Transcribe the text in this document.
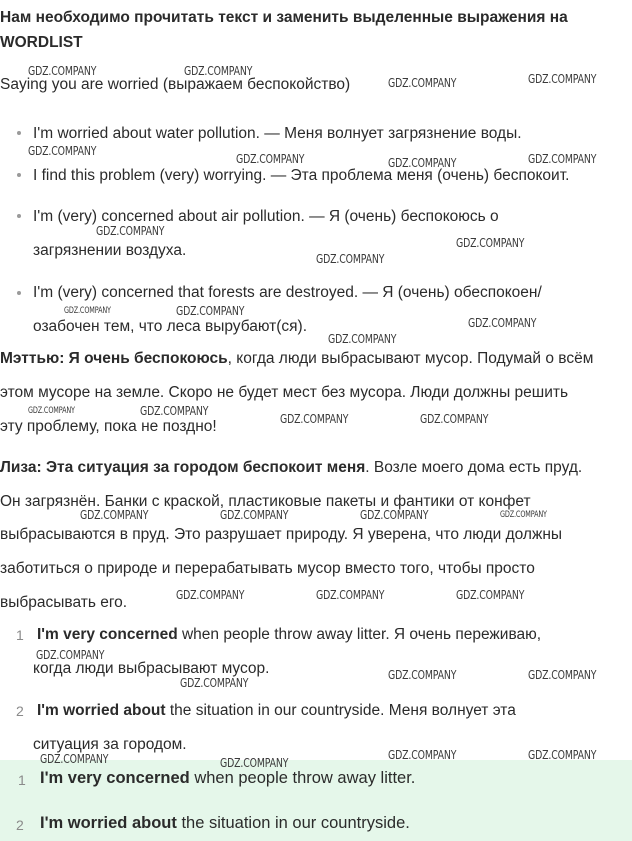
Нам необходимо прочитать текст и заменить выделенные выражения на
WORDLIST
Saying you are worried (выражаем беспокойство)
I'm worried about water pollution. — Меня волнует загрязнение воды.
I find this problem (very) worrying. — Эта проблема меня (очень) беспокоит.
I'm (very) concerned about air pollution. — Я (очень) беспокоюсь о
загрязнении воздуха.
I'm (very) concerned that forests are destroyed. — Я (очень) обеспокоен/
озабочен тем, что леса вырубают(ся).
Мэттью: Я очень беспокоюсь, когда люди выбрасывают мусор. Подумай о всём
этом мусоре на земле. Скоро не будет мест без мусора. Люди должны решить
эту проблему, пока не поздно!
Лиза: Эта ситуация за городом беспокоит меня. Возле моего дома есть пруд.
Он загрязнён. Банки с краской, пластиковые пакеты и фантики от конфет
выбрасываются в пруд. Это разрушает природу. Я уверена, что люди должны
заботиться о природе и перерабатывать мусор вместо того, чтобы просто
выбрасывать его.
1 I'm very concerned when people throw away litter. Я очень переживаю,
когда люди выбрасывают мусор.
2 I'm worried about the situation in our countryside. Меня волнует эта
ситуация за городом.
1 I'm very concerned when people throw away litter.
2 I'm worried about the situation in our countryside.
GDZ.COMPANY	GDZ.COMPANY
GDZ.COMPANY	GDZ.COMPANY
GDZ.COMPANY
GDZ.COMPANY	GDZ.COMPANY	GDZ.COMPANY
GDZ.COMPANY
GDZ.COMPANY
GDZ.COMPANY
GDZ.COMPANY	GDZ.COMPANY
GDZ.COMPANY
GDZ.COMPANY
GDZ.COMPANY	GDZ.COMPANY
GDZ.COMPANY	GDZ.COMPANY
GDZ.COMPANY	GDZ.COMPANY	GDZ.COMPANY	GDZ.COMPANY
GDZ.COMPANY	GDZ.COMPANY	GDZ.COMPANY
GDZ.COMPANY
GDZ.COMPANY
GDZ.COMPANY	GDZ.COMPANY
GDZ.COMPANY	GDZ.COMPANY
GDZ.COMPANY	GDZ.COMPANY
